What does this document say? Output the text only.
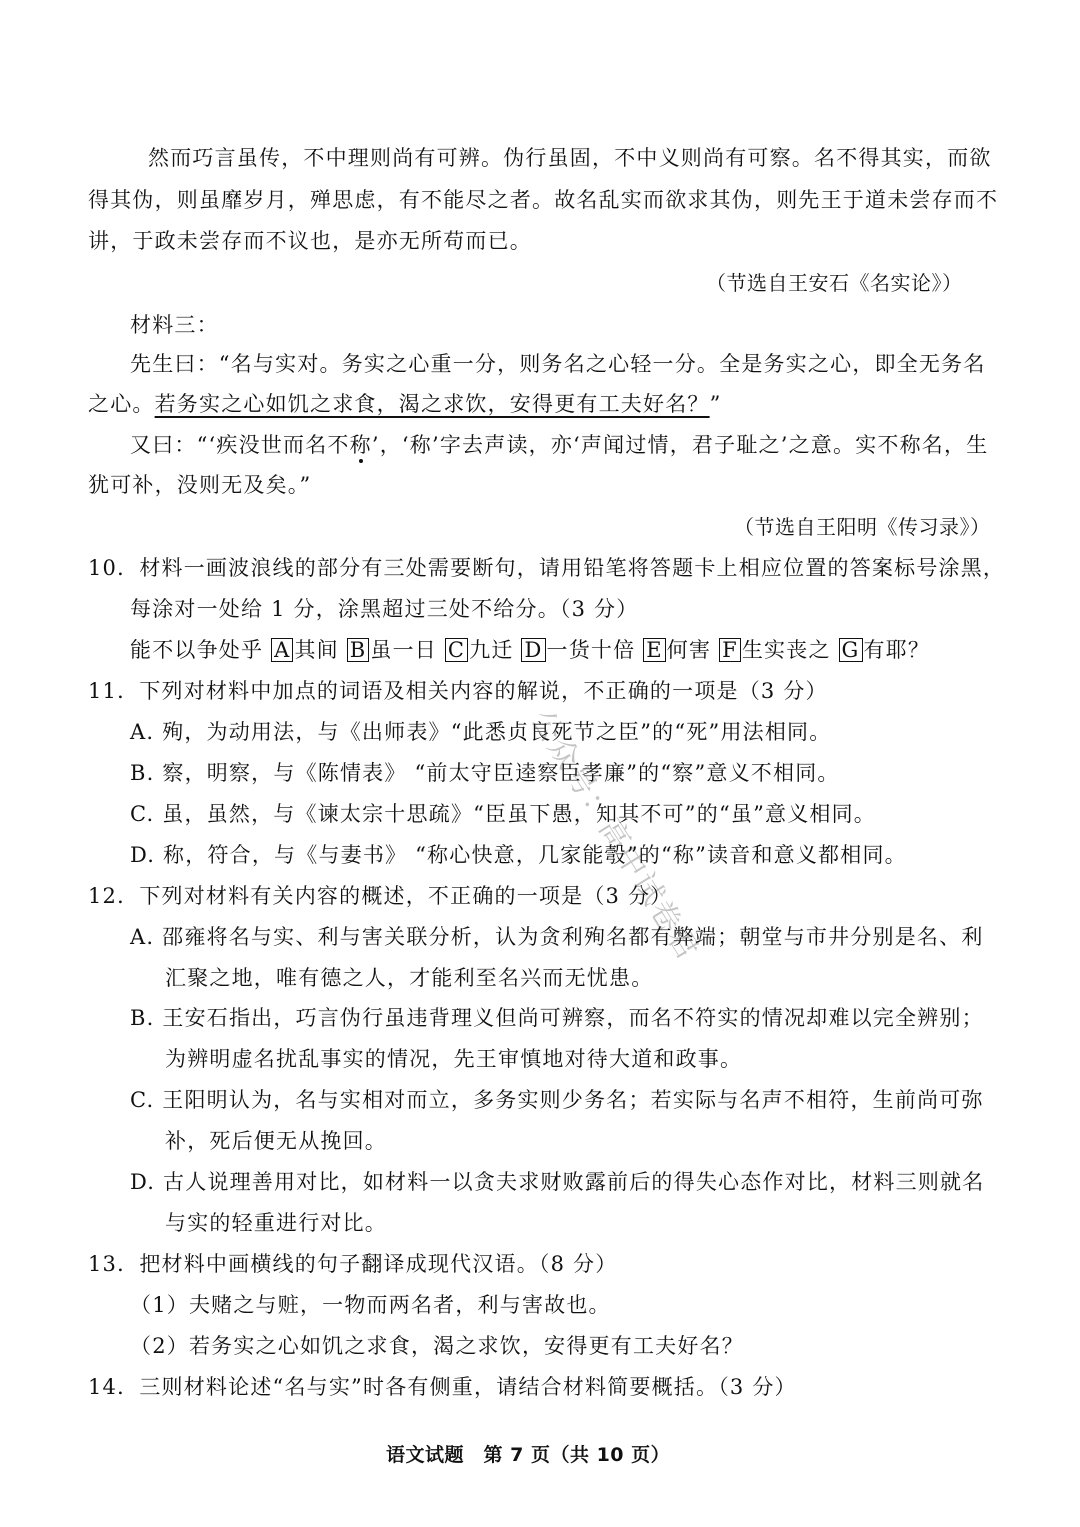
然而巧言虽传，不中理则尚有可辨。伪行虽固，不中义则尚有可察。名不得其实，而欲
得其伪，则虽靡岁月，殚思虑，有不能尽之者。故名乱实而欲求其伪，则先王于道未尝存而不
讲，于政未尝存而不议也，是亦无所苟而已。
（节选自王安石《名实论》）
材料三：
先生曰：“名与实对。务实之心重一分，则务名之心轻一分。全是务实之心，即全无务名
之心。若务实之心如饥之求食，渴之求饮，安得更有工夫好名？”
又曰：“‘疾没世而名不称’，‘称’字去声读，亦‘声闻过情，君子耻之’之意。实不称名，生
犹可补，没则无及矣。”
（节选自王阳明《传习录》）
10．材料一画波浪线的部分有三处需要断句，请用铅笔将答题卡上相应位置的答案标号涂黑，
每涂对一处给 1 分，涂黑超过三处不给分。（3 分）
能不以争处乎 A 其间 B 虽一日 C 九迁 D 一货十倍 E 何害 F 生实丧之 G 有耶？
11．下列对材料中加点的词语及相关内容的解说，不正确的一项是（3 分）
A. 殉，为动用法，与《出师表》“此悉贞良死节之臣”的“死”用法相同。
B. 察，明察，与《陈情表》 “前太守臣逵察臣孝廉”的“察”意义不相同。
C. 虽，虽然，与《谏太宗十思疏》“臣虽下愚，知其不可”的“虽”意义相同。
D. 称，符合，与《与妻书》 “称心快意，几家能彀”的“称”读音和意义都相同。
12．下列对材料有关内容的概述，不正确的一项是（3 分）
A. 邵雍将名与实、利与害关联分析，认为贪利殉名都有弊端；朝堂与市井分别是名、利
汇聚之地，唯有德之人，才能利至名兴而无忧患。
B. 王安石指出，巧言伪行虽违背理义但尚可辨察，而名不符实的情况却难以完全辨别；
为辨明虚名扰乱事实的情况，先王审慎地对待大道和政事。
C. 王阳明认为，名与实相对而立，多务实则少务名；若实际与名声不相符，生前尚可弥
补，死后便无从挽回。
D. 古人说理善用对比，如材料一以贪夫求财败露前后的得失心态作对比，材料三则就名
与实的轻重进行对比。
13．把材料中画横线的句子翻译成现代汉语。（8 分）
（1）夫赌之与赃，一物而两名者，利与害故也。
（2）若务实之心如饥之求食，渴之求饮，安得更有工夫好名？
14．三则材料论述“名与实”时各有侧重，请结合材料简要概括。（3 分）
语文试题　第 7 页（共 10 页）
公众号：高中试卷君
